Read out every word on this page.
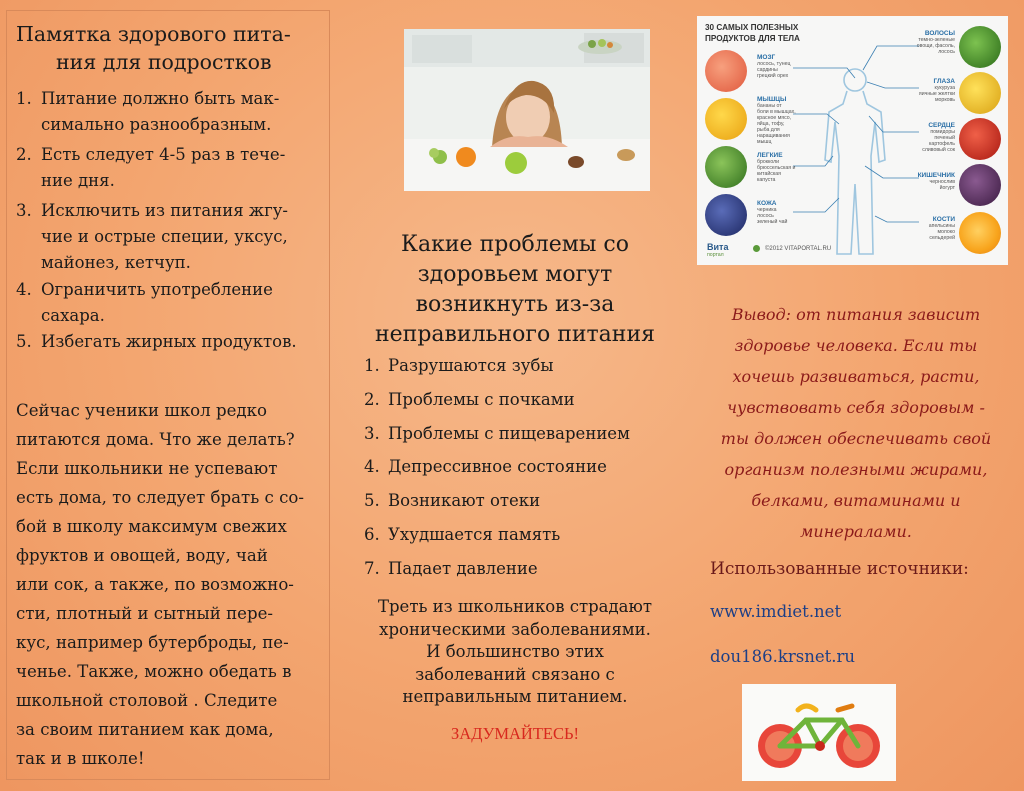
Памятка здорового пита-
ния для подростков
1. Питание должно быть мак-
симально разнообразным.
2. Есть следует 4-5 раз в тече-
ние дня.
3. Исключить из питания жгу-
чие и острые специи, уксус,
майонез, кетчуп.
4. Ограничить употребление
сахара.
5. Избегать жирных продуктов.
Сейчас ученики школ редко
питаются дома. Что же делать?
Если школьники не успевают
есть дома, то следует брать с со-
бой в школу максимум свежих
фруктов и овощей, воду, чай
или сок, а также, по возможно-
сти, плотный и сытный пере-
кус, например бутерброды, пе-
ченье. Также, можно обедать в
школьной столовой . Следите
за своим питанием как дома,
так и в школе!
Какие проблемы со
здоровьем могут
возникнуть из-за
неправильного питания
1. Разрушаются зубы
2. Проблемы с почками
3. Проблемы с пищеварением
4. Депрессивное состояние
5. Возникают отеки
6. Ухудшается память
7. Падает давление
Треть из школьников страдают
хроническими заболеваниями.
И большинство этих
заболеваний связано с
неправильным питанием.
ЗАДУМАЙТЕСЬ!
30 САМЫХ ПОЛЕЗНЫХ
ПРОДУКТОВ ДЛЯ ТЕЛА
МОЗГ
лосось, тунец
сардины
грецкий орех
МЫШЦЫ
бананы от
боли в мышцах,
красное мясо,
яйца, тофу,
рыба для
наращивания
мышц
ЛЕГКИЕ
брокколи
брюссельская и
китайская
капуста
КОЖА
черника
лосось
зеленый чай
ВОЛОСЫ
темно-зеленые
овощи, фасоль,
лосось
ГЛАЗА
кукуруза
яичные желтки
морковь
СЕРДЦЕ
помидоры
печеный
картофель
сливовый сок
КИШЕЧНИК
чернослив
йогурт
КОСТИ
апельсины
молоко
сельдерей
Вита
портал
©2012 VITAPORTAL.RU
Вывод: от питания зависит
здоровье человека. Если ты
хочешь развиваться, расти,
чувствовать себя здоровым -
ты должен обеспечивать свой
организм полезными жирами,
белками, витаминами и
минералами.
Использованные источники:
www.imdiet.net
dou186.krsnet.ru
